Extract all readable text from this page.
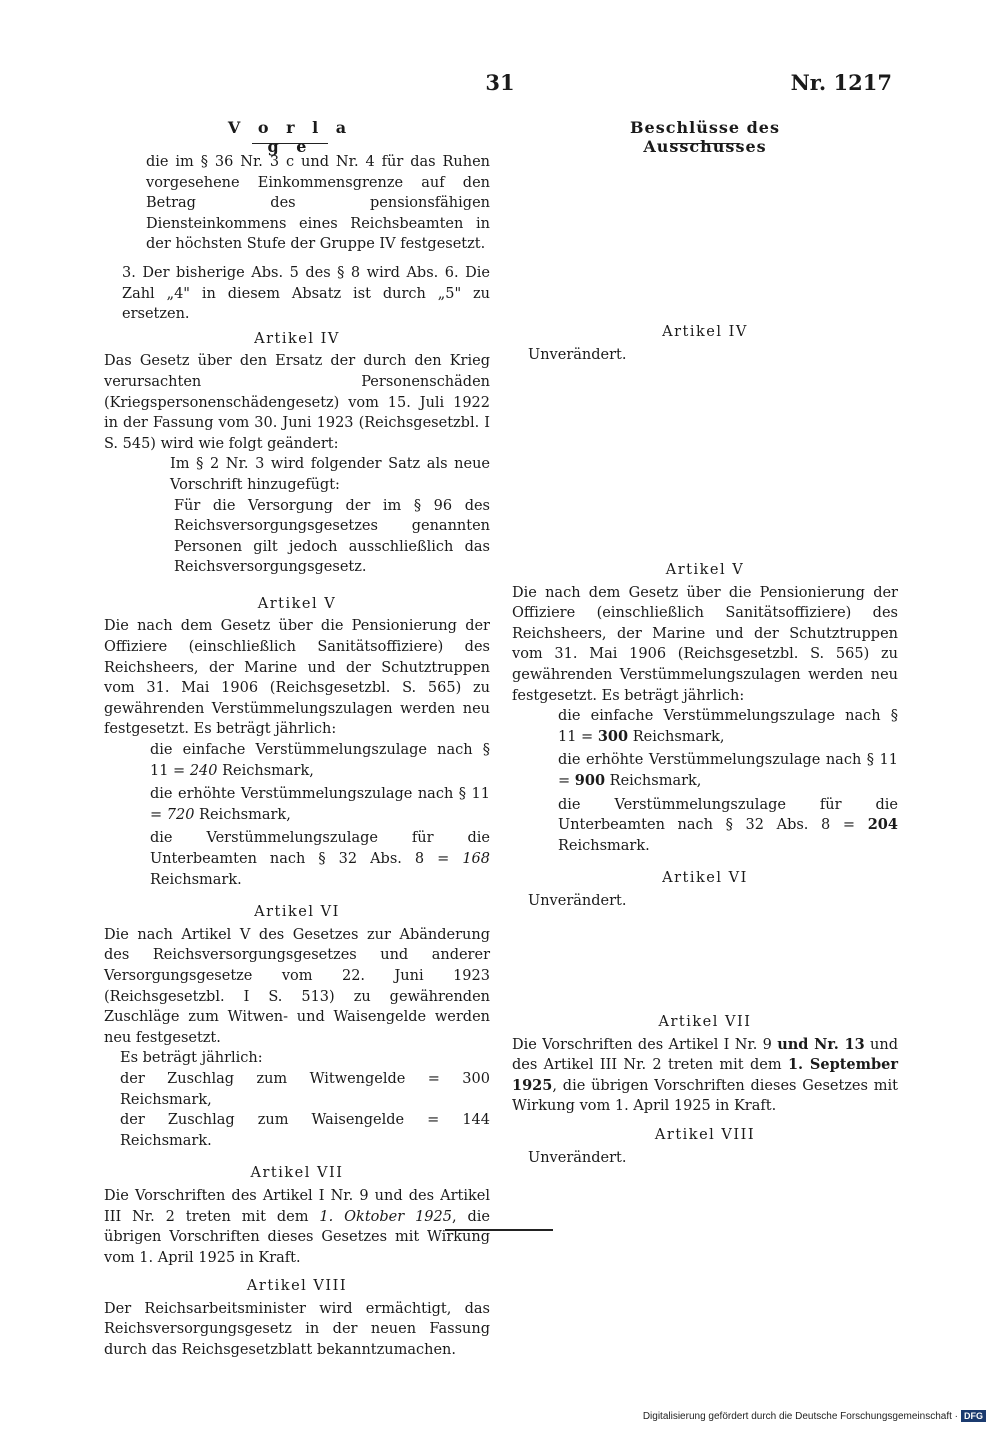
31	Nr. 1217
V o r l a g e
Beschlüsse des Ausschusses

die im § 36 Nr. 3 c und Nr. 4 für das Ruhen vorgesehene Einkommensgrenze auf den Betrag des pensionsfähigen Diensteinkommens eines Reichsbeamten in der höchsten Stufe der Gruppe IV festgesetzt.

3. Der bisherige Abs. 5 des § 8 wird Abs. 6. Die Zahl „4" in diesem Absatz ist durch „5" zu ersetzen.

Artikel IV

Das Gesetz über den Ersatz der durch den Krieg verursachten Personenschäden (Kriegspersonenschädengesetz) vom 15. Juli 1922 in der Fassung vom 30. Juni 1923 (Reichsgesetzbl. I S. 545) wird wie folgt geändert:

Im § 2 Nr. 3 wird folgender Satz als neue Vorschrift hinzugefügt:

Für die Versorgung der im § 96 des Reichsversorgungsgesetzes genannten Personen gilt jedoch ausschließlich das Reichsversorgungsgesetz.

Artikel V

Die nach dem Gesetz über die Pensionierung der Offiziere (einschließlich Sanitätsoffiziere) des Reichsheers, der Marine und der Schutztruppen vom 31. Mai 1906 (Reichsgesetzbl. S. 565) zu gewährenden Verstümmelungszulagen werden neu festgesetzt. Es beträgt jährlich:

die einfache Verstümmelungszulage nach § 11 = 240 Reichsmark,

die erhöhte Verstümmelungszulage nach § 11 = 720 Reichsmark,

die Verstümmelungszulage für die Unterbeamten nach § 32 Abs. 8 = 168 Reichsmark.

Artikel VI

Die nach Artikel V des Gesetzes zur Abänderung des Reichsversorgungsgesetzes und anderer Versorgungsgesetze vom 22. Juni 1923 (Reichsgesetzbl. I S. 513) zu gewährenden Zuschläge zum Witwen- und Waisengelde werden neu festgesetzt.

Es beträgt jährlich:

der Zuschlag zum Witwengelde = 300 Reichsmark,

der Zuschlag zum Waisengelde = 144 Reichsmark.

Artikel VII

Die Vorschriften des Artikel I Nr. 9 und des Artikel III Nr. 2 treten mit dem 1. Oktober 1925, die übrigen Vorschriften dieses Gesetzes mit Wirkung vom 1. April 1925 in Kraft.

Artikel VIII

Der Reichsarbeitsminister wird ermächtigt, das Reichsversorgungsgesetz in der neuen Fassung durch das Reichsgesetzblatt bekanntzumachen.

Artikel IV

Unverändert.

Artikel V

Die nach dem Gesetz über die Pensionierung der Offiziere (einschließlich Sanitätsoffiziere) des Reichsheers, der Marine und der Schutztruppen vom 31. Mai 1906 (Reichsgesetzbl. S. 565) zu gewährenden Verstümmelungszulagen werden neu festgesetzt. Es beträgt jährlich:

die einfache Verstümmelungszulage nach § 11 = 300 Reichsmark,

die erhöhte Verstümmelungszulage nach § 11 = 900 Reichsmark,

die Verstümmelungszulage für die Unterbeamten nach § 32 Abs. 8 = 204 Reichsmark.

Artikel VI

Unverändert.

Artikel VII

Die Vorschriften des Artikel I Nr. 9 und Nr. 13 und des Artikel III Nr. 2 treten mit dem 1. September 1925, die übrigen Vorschriften dieses Gesetzes mit Wirkung vom 1. April 1925 in Kraft.

Artikel VIII

Unverändert.

Digitalisierung gefördert durch die Deutsche Forschungsgemeinschaft · DFG
